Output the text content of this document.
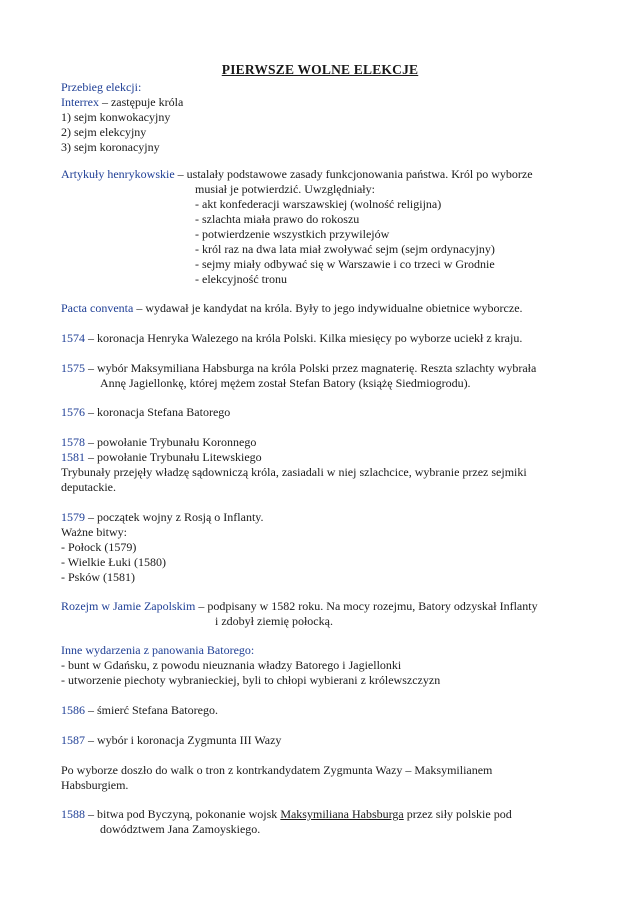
PIERWSZE WOLNE ELEKCJE
Przebieg elekcji:
Interrex – zastępuje króla
1) sejm konwokacyjny
2) sejm elekcyjny
3) sejm koronacyjny
Artykuły henrykowskie – ustalały podstawowe zasady funkcjonowania państwa. Król po wyborze
musiał je potwierdzić. Uwzględniały:
- akt konfederacji warszawskiej (wolność religijna)
- szlachta miała prawo do rokoszu
- potwierdzenie wszystkich przywilejów
- król raz na dwa lata miał zwoływać sejm (sejm ordynacyjny)
- sejmy miały odbywać się w Warszawie i co trzeci w Grodnie
- elekcyjność tronu
Pacta conventa – wydawał je kandydat na króla. Były to jego indywidualne obietnice wyborcze.
1574 – koronacja Henryka Walezego na króla Polski. Kilka miesięcy po wyborze uciekł z kraju.
1575 – wybór Maksymiliana Habsburga na króla Polski przez magnaterię. Reszta szlachty wybrała
Annę Jagiellonkę, której mężem został Stefan Batory (książę Siedmiogrodu).
1576 – koronacja Stefana Batorego
1578 – powołanie Trybunału Koronnego
1581 – powołanie Trybunału Litewskiego
Trybunały przejęły władzę sądowniczą króla, zasiadali w niej szlachcice, wybranie przez sejmiki
deputackie.
1579 – początek wojny z Rosją o Inflanty.
Ważne bitwy:
- Połock (1579)
- Wielkie Łuki (1580)
- Psków (1581)
Rozejm w Jamie Zapolskim – podpisany w 1582 roku. Na mocy rozejmu, Batory odzyskał Inflanty
i zdobył ziemię połocką.
Inne wydarzenia z panowania Batorego:
- bunt w Gdańsku, z powodu nieuznania władzy Batorego i Jagiellonki
- utworzenie piechoty wybranieckiej, byli to chłopi wybierani z królewszczyzn
1586 – śmierć Stefana Batorego.
1587 – wybór i koronacja Zygmunta III Wazy
Po wyborze doszło do walk o tron z kontrkandydatem Zygmunta Wazy – Maksymilianem
Habsburgiem.
1588 – bitwa pod Byczyną, pokonanie wojsk Maksymiliana Habsburga przez siły polskie pod
dowództwem Jana Zamoyskiego.
